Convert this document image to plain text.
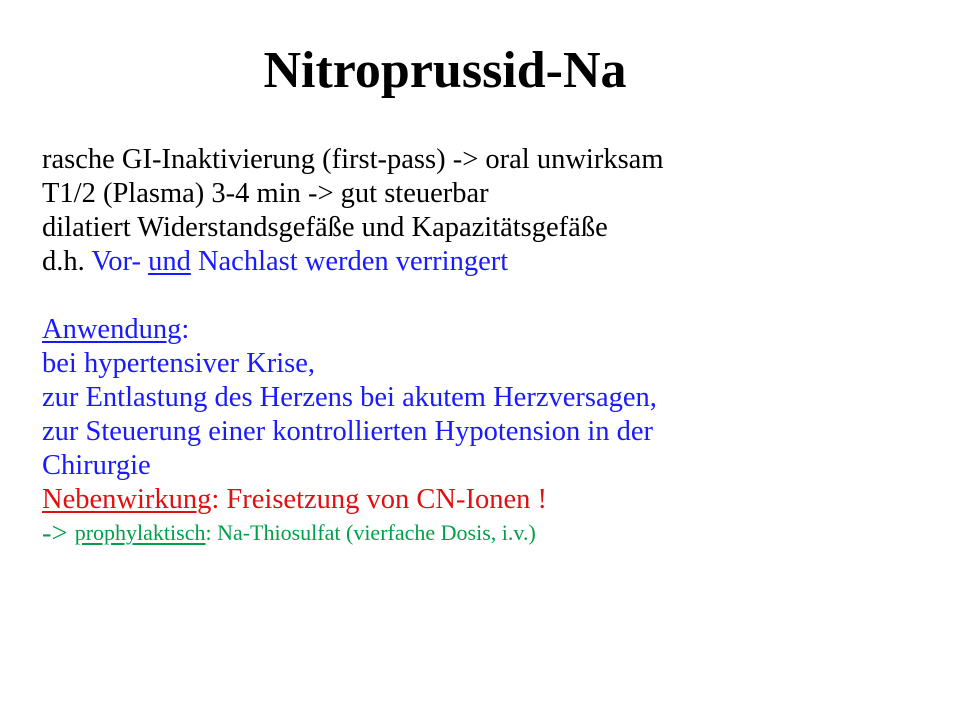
Nitroprussid-Na
rasche GI-Inaktivierung (first-pass) -> oral unwirksam
T1/2 (Plasma) 3-4 min -> gut steuerbar
dilatiert Widerstandsgefäße und Kapazitätsgefäße
d.h. Vor- und Nachlast werden verringert
Anwendung:
bei hypertensiver Krise,
zur Entlastung des Herzens bei akutem Herzversagen,
zur Steuerung einer kontrollierten Hypotension in der
Chirurgie
Nebenwirkung: Freisetzung von CN-Ionen !
-> prophylaktisch: Na-Thiosulfat (vierfache Dosis, i.v.)
